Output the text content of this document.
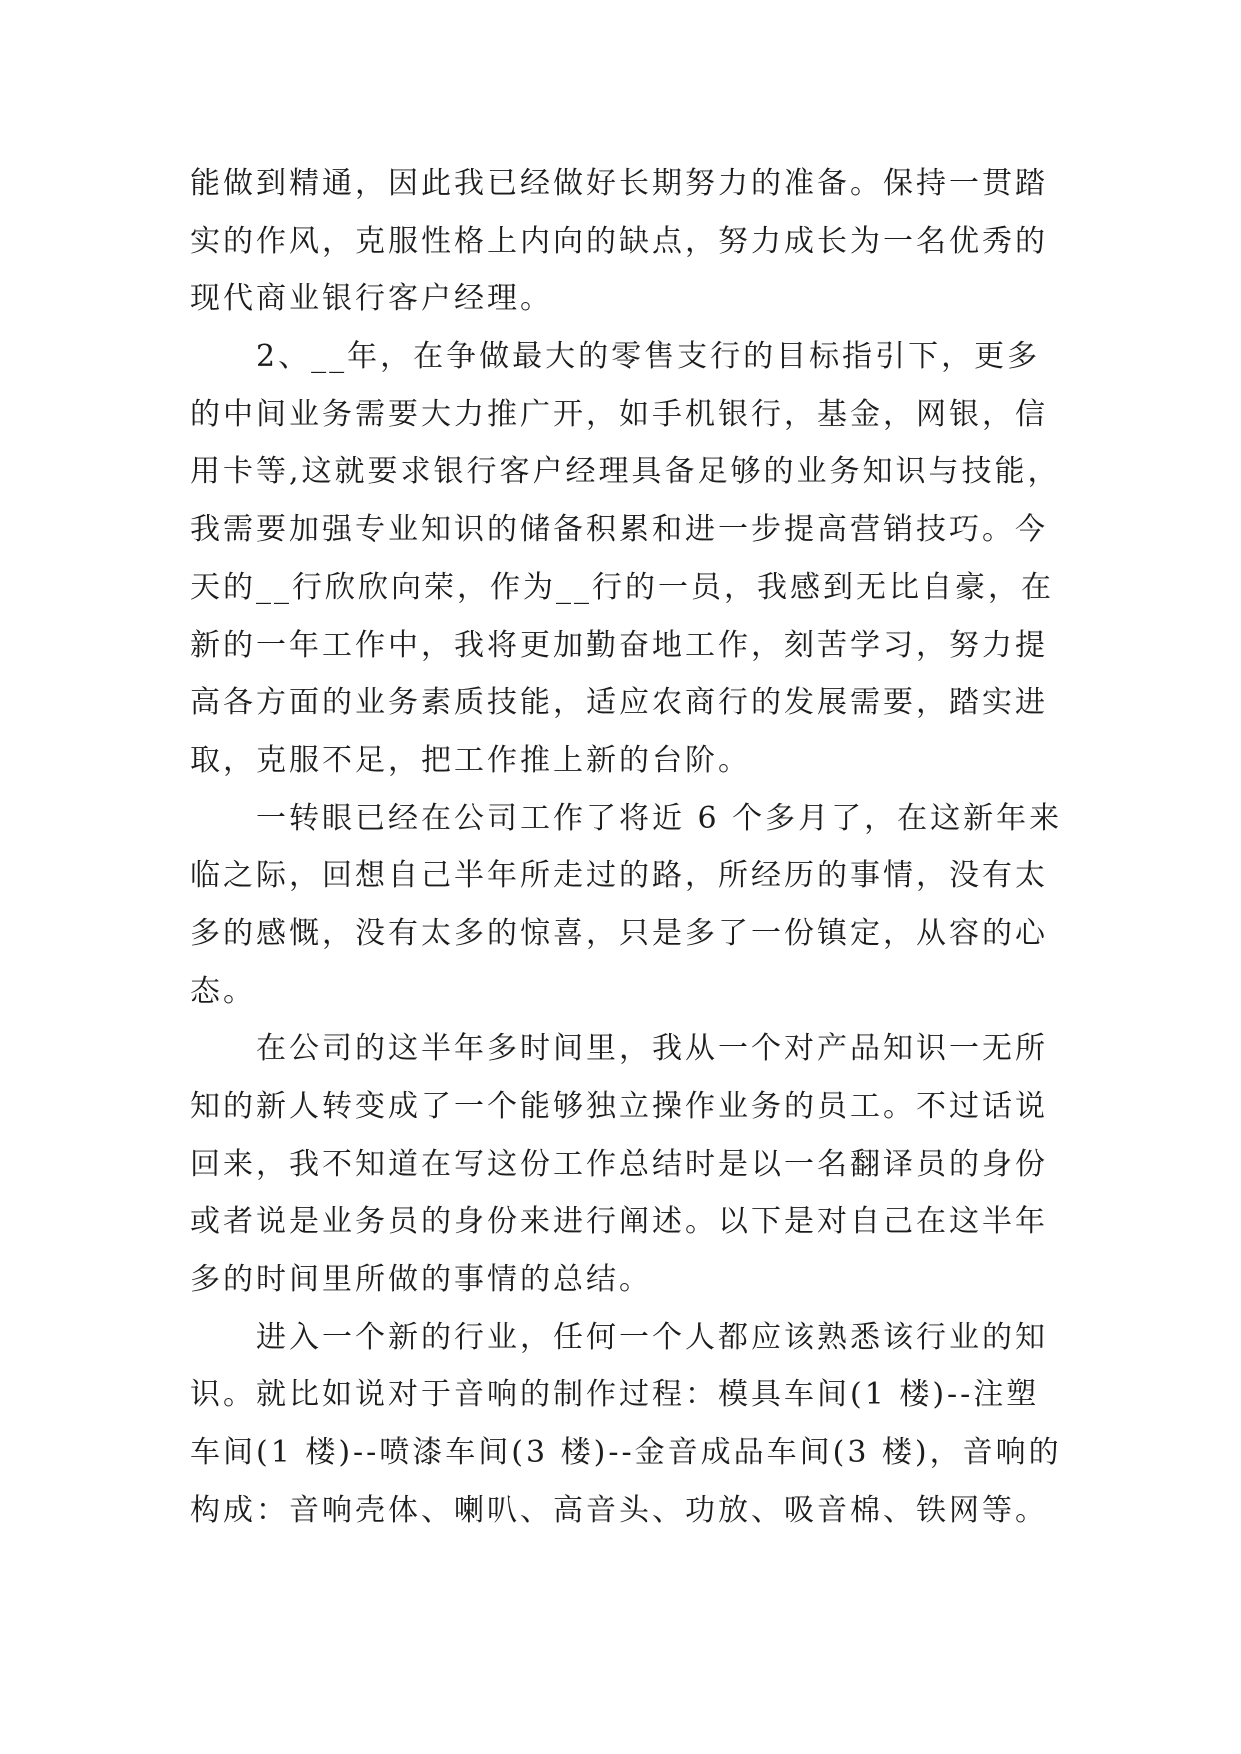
能做到精通，因此我已经做好长期努力的准备。保持一贯踏
实的作风，克服性格上内向的缺点，努力成长为一名优秀的
现代商业银行客户经理。
2、__年，在争做最大的零售支行的目标指引下，更多
的中间业务需要大力推广开，如手机银行，基金，网银，信
用卡等,这就要求银行客户经理具备足够的业务知识与技能，
我需要加强专业知识的储备积累和进一步提高营销技巧。今
天的__行欣欣向荣，作为__行的一员，我感到无比自豪，在
新的一年工作中，我将更加勤奋地工作，刻苦学习，努力提
高各方面的业务素质技能，适应农商行的发展需要，踏实进
取，克服不足，把工作推上新的台阶。
一转眼已经在公司工作了将近 6 个多月了，在这新年来
临之际，回想自己半年所走过的路，所经历的事情，没有太
多的感慨，没有太多的惊喜，只是多了一份镇定，从容的心
态。
在公司的这半年多时间里，我从一个对产品知识一无所
知的新人转变成了一个能够独立操作业务的员工。不过话说
回来，我不知道在写这份工作总结时是以一名翻译员的身份
或者说是业务员的身份来进行阐述。以下是对自己在这半年
多的时间里所做的事情的总结。
进入一个新的行业，任何一个人都应该熟悉该行业的知
识。就比如说对于音响的制作过程：模具车间(1 楼)--注塑
车间(1 楼)--喷漆车间(3 楼)--金音成品车间(3 楼)，音响的
构成：音响壳体、喇叭、高音头、功放、吸音棉、铁网等。
